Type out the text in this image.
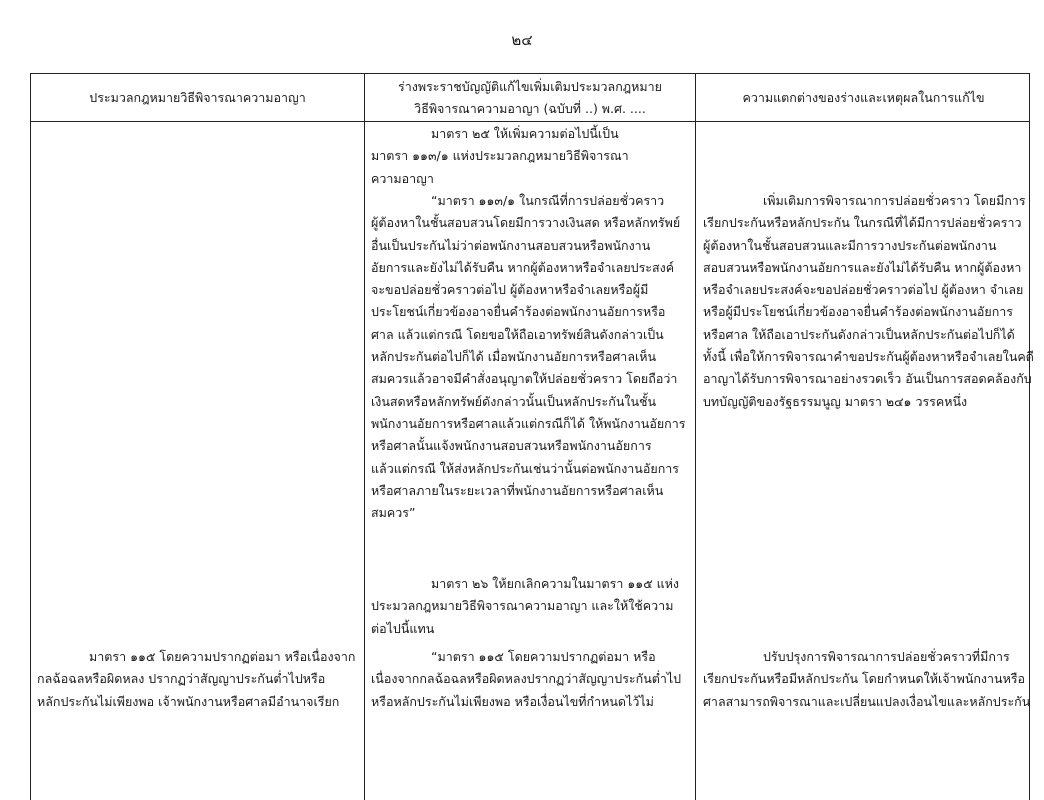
๒๔
ประมวลกฎหมายวิธีพิจารณาความอาญา
ร่างพระราชบัญญัติแก้ไขเพิ่มเติมประมวลกฎหมาย
วิธีพิจารณาความอาญา (ฉบับที่ ..) พ.ศ. ....
ความแตกต่างของร่างและเหตุผลในการแก้ไข

มาตรา ๒๕ ให้เพิ่มความต่อไปนี้เป็น

มาตรา ๑๑๓/๑ แห่งประมวลกฎหมายวิธีพิจารณา

ความอาญา

“มาตรา ๑๑๓/๑ ในกรณีที่การปล่อยชั่วคราว

ผู้ต้องหาในชั้นสอบสวนโดยมีการวางเงินสด หรือหลักทรัพย์

อื่นเป็นประกันไม่ว่าต่อพนักงานสอบสวนหรือพนักงาน

อัยการและยังไม่ได้รับคืน หากผู้ต้องหาหรือจำเลยประสงค์

จะขอปล่อยชั่วคราวต่อไป ผู้ต้องหาหรือจำเลยหรือผู้มี

ประโยชน์เกี่ยวข้องอาจยื่นคำร้องต่อพนักงานอัยการหรือ

ศาล แล้วแต่กรณี โดยขอให้ถือเอาทรัพย์สินดังกล่าวเป็น

หลักประกันต่อไปก็ได้ เมื่อพนักงานอัยการหรือศาลเห็น

สมควรแล้วอาจมีคำสั่งอนุญาตให้ปล่อยชั่วคราว โดยถือว่า

เงินสดหรือหลักทรัพย์ดังกล่าวนั้นเป็นหลักประกันในชั้น

พนักงานอัยการหรือศาลแล้วแต่กรณีก็ได้ ให้พนักงานอัยการ

หรือศาลนั้นแจ้งพนักงานสอบสวนหรือพนักงานอัยการ

แล้วแต่กรณี ให้ส่งหลักประกันเช่นว่านั้นต่อพนักงานอัยการ

หรือศาลภายในระยะเวลาที่พนักงานอัยการหรือศาลเห็น

สมควร”

มาตรา ๒๖ ให้ยกเลิกความในมาตรา ๑๑๕ แห่ง

ประมวลกฎหมายวิธีพิจารณาความอาญา และให้ใช้ความ

ต่อไปนี้แทน

“มาตรา ๑๑๕ โดยความปรากฏต่อมา หรือ

เนื่องจากกลฉ้อฉลหรือผิดหลงปรากฏว่าสัญญาประกันต่ำไป

หรือหลักประกันไม่เพียงพอ หรือเงื่อนไขที่กำหนดไว้ไม่

มาตรา ๑๑๕ โดยความปรากฏต่อมา หรือเนื่องจาก

กลฉ้อฉลหรือผิดหลง ปรากฏว่าสัญญาประกันต่ำไปหรือ

หลักประกันไม่เพียงพอ เจ้าพนักงานหรือศาลมีอำนาจเรียก

เพิ่มเติมการพิจารณาการปล่อยชั่วคราว โดยมีการ

เรียกประกันหรือหลักประกัน ในกรณีที่ได้มีการปล่อยชั่วคราว

ผู้ต้องหาในชั้นสอบสวนและมีการวางประกันต่อพนักงาน

สอบสวนหรือพนักงานอัยการและยังไม่ได้รับคืน หากผู้ต้องหา

หรือจำเลยประสงค์จะขอปล่อยชั่วคราวต่อไป ผู้ต้องหา จำเลย

หรือผู้มีประโยชน์เกี่ยวข้องอาจยื่นคำร้องต่อพนักงานอัยการ

หรือศาล ให้ถือเอาประกันดังกล่าวเป็นหลักประกันต่อไปก็ได้

ทั้งนี้ เพื่อให้การพิจารณาคำขอประกันผู้ต้องหาหรือจำเลยในคดี

อาญาได้รับการพิจารณาอย่างรวดเร็ว อันเป็นการสอดคล้องกับ

บทบัญญัติของรัฐธรรมนูญ มาตรา ๒๔๑ วรรคหนึ่ง

ปรับปรุงการพิจารณาการปล่อยชั่วคราวที่มีการ

เรียกประกันหรือมีหลักประกัน โดยกำหนดให้เจ้าพนักงานหรือ

ศาลสามารถพิจารณาและเปลี่ยนแปลงเงื่อนไขและหลักประกัน
